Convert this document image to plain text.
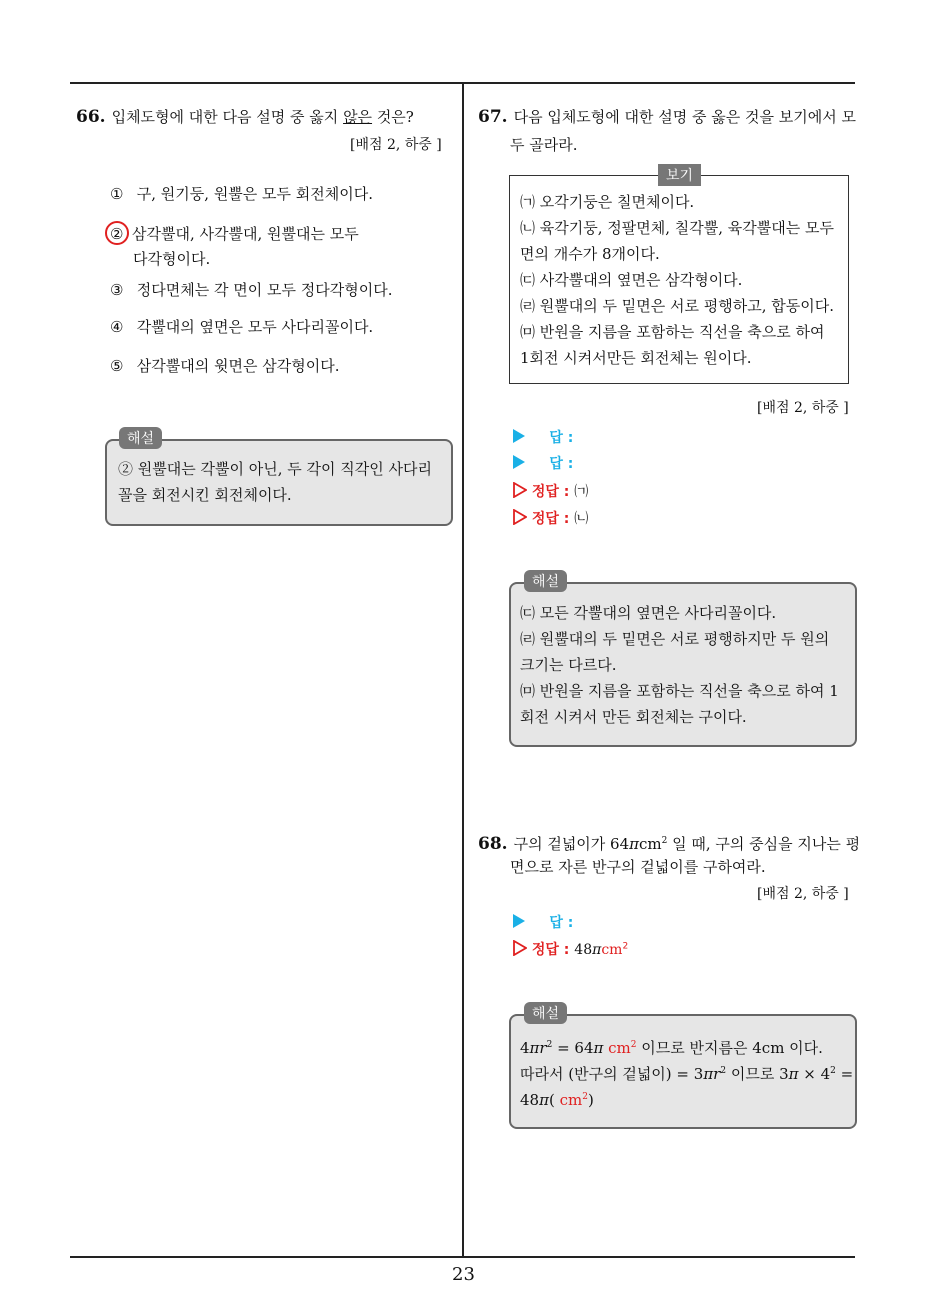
66. 입체도형에 대한 다음 설명 중 옳지 않은 것은?
[배점 2, 하중 ]
① 구, 원기둥, 원뿔은 모두 회전체이다.
② 삼각뿔대, 사각뿔대, 원뿔대는 모두
다각형이다.
③ 정다면체는 각 면이 모두 정다각형이다.
④ 각뿔대의 옆면은 모두 사다리꼴이다.
⑤ 삼각뿔대의 윗면은 삼각형이다.
해설
② 원뿔대는 각뿔이 아닌, 두 각이 직각인 사다리
꼴을 회전시킨 회전체이다.
67. 다음 입체도형에 대한 설명 중 옳은 것을 보기에서 모
두 골라라.
보기
㈀ 오각기둥은 칠면체이다.
㈁ 육각기둥, 정팔면체, 칠각뿔, 육각뿔대는 모두
면의 개수가 8개이다.
㈂ 사각뿔대의 옆면은 삼각형이다.
㈃ 원뿔대의 두 밑면은 서로 평행하고, 합동이다.
㈄ 반원을 지름을 포함하는 직선을 축으로 하여
1회전 시켜서만든 회전체는 원이다.
[배점 2, 하중 ]
답 :
답 :
정답 : ㈀
정답 : ㈁
해설
㈂ 모든 각뿔대의 옆면은 사다리꼴이다.
㈃ 원뿔대의 두 밑면은 서로 평행하지만 두 원의
크기는 다르다.
㈄ 반원을 지름을 포함하는 직선을 축으로 하여 1
회전 시켜서 만든 회전체는 구이다.
68. 구의 겉넓이가 64πcm$^2$ 일 때, 구의 중심을 지나는 평
면으로 자른 반구의 겉넓이를 구하여라.
[배점 2, 하중 ]
답 :
정답 : 48πcm$^2$
해설
$4\pi r^2 = 64\pi$ $cm^2$ 이므로 반지름은 4cm 이다.
따라서 (반구의 겉넓이) = $3\pi r^2$ 이므로 $3\pi \times 4^2$ =
48π( $cm^2$)
23
